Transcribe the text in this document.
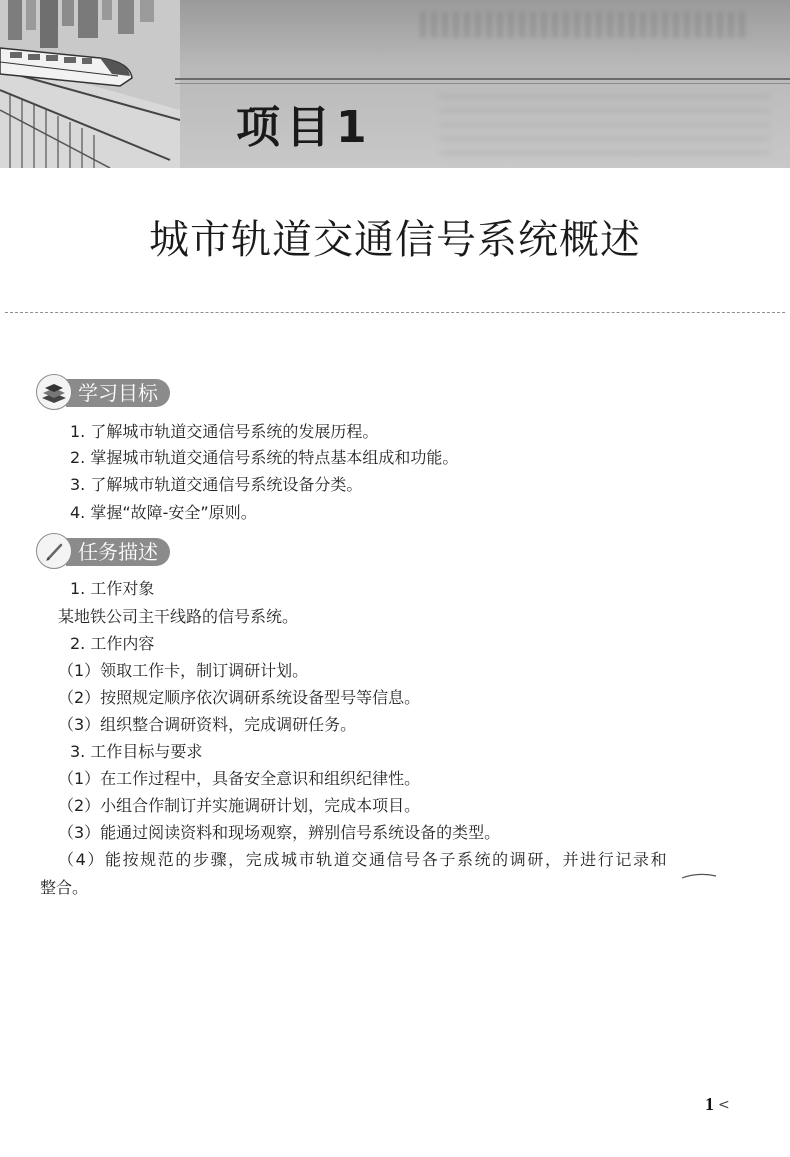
项目1
城市轨道交通信号系统概述
学习目标
1. 了解城市轨道交通信号系统的发展历程。
2. 掌握城市轨道交通信号系统的特点基本组成和功能。
3. 了解城市轨道交通信号系统设备分类。
4. 掌握“故障-安全”原则。
任务描述
1. 工作对象
某地铁公司主干线路的信号系统。
2. 工作内容
（1）领取工作卡，制订调研计划。
（2）按照规定顺序依次调研系统设备型号等信息。
（3）组织整合调研资料，完成调研任务。
3. 工作目标与要求
（1）在工作过程中，具备安全意识和组织纪律性。
（2）小组合作制订并实施调研计划，完成本项目。
（3）能通过阅读资料和现场观察，辨别信号系统设备的类型。
（4）能按规范的步骤，完成城市轨道交通信号各子系统的调研，并进行记录和
整合。
1 <
